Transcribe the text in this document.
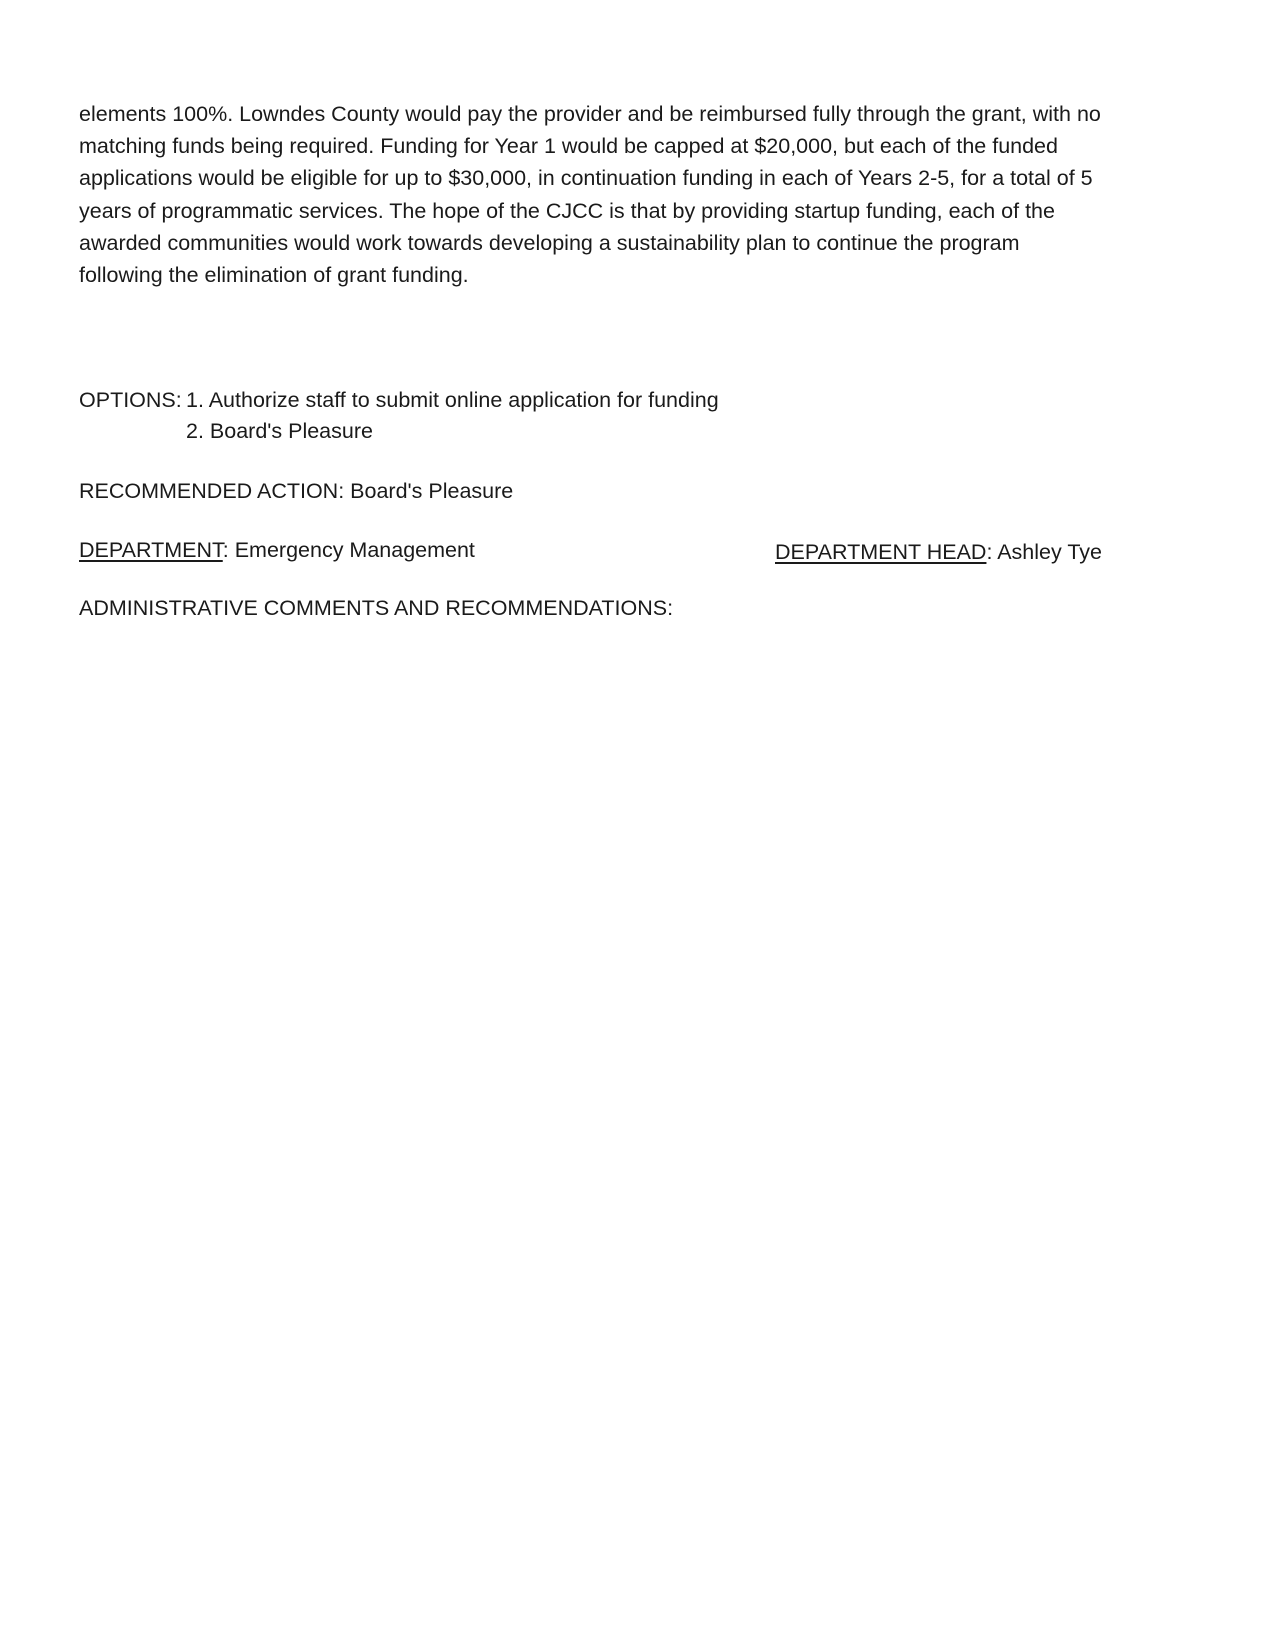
elements 100%. Lowndes County would pay the provider and be reimbursed fully through the grant, with no
matching funds being required. Funding for Year 1 would be capped at $20,000, but each of the funded
applications would be eligible for up to $30,000, in continuation funding in each of Years 2-5, for a total of 5
years of programmatic services. The hope of the CJCC is that by providing startup funding, each of the
awarded communities would work towards developing a sustainability plan to continue the program
following the elimination of grant funding.
OPTIONS: 1. Authorize staff to submit online application for funding
2. Board's Pleasure
RECOMMENDED ACTION: Board's Pleasure
DEPARTMENT: Emergency Management	DEPARTMENT HEAD: Ashley Tye
ADMINISTRATIVE COMMENTS AND RECOMMENDATIONS:
